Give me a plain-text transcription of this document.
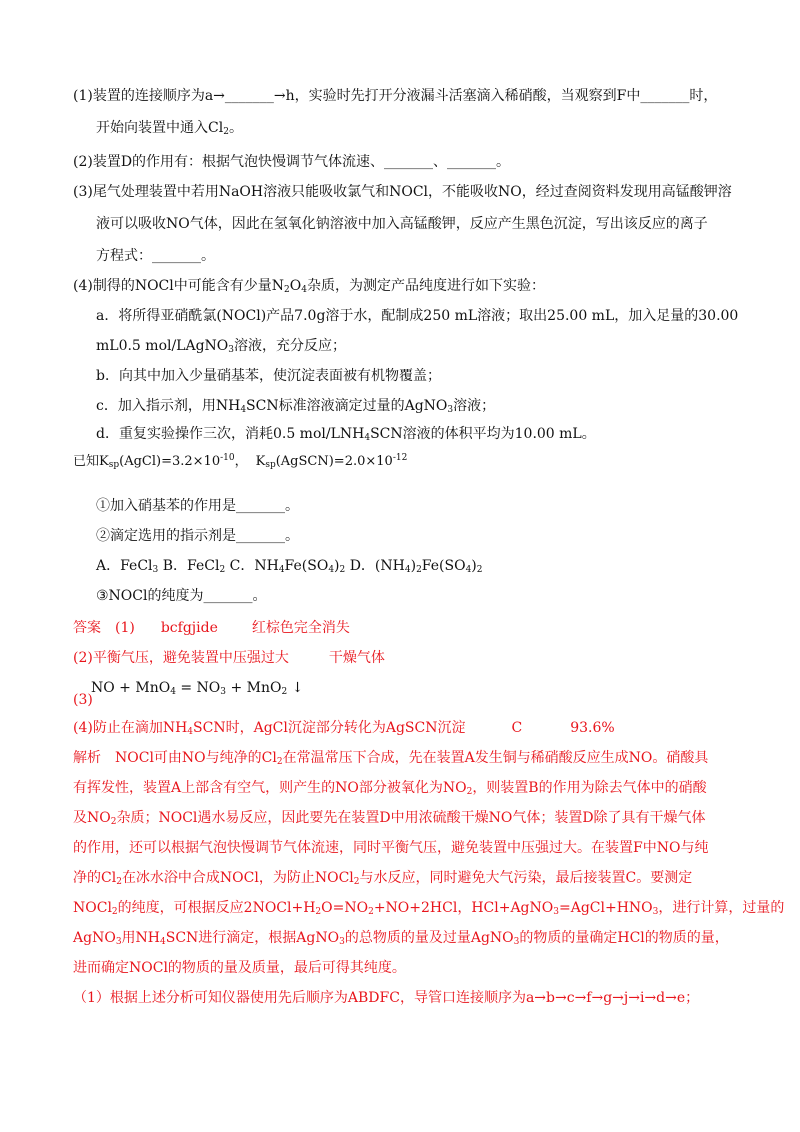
(1)装置的连接顺序为a→_______→h，实验时先打开分液漏斗活塞滴入稀硝酸，当观察到F中_______时，
开始向装置中通入$Cl_2$。
(2)装置D的作用有：根据气泡快慢调节气体流速、_______、_______。
(3)尾气处理装置中若用NaOH溶液只能吸收氯气和NOCl，不能吸收NO，经过查阅资料发现用高锰酸钾溶
液可以吸收NO气体，因此在氢氧化钠溶液中加入高锰酸钾，反应产生黑色沉淀，写出该反应的离子
方程式：_______。
(4)制得的NOCl中可能含有少量$N_2O_4$杂质，为测定产品纯度进行如下实验：
a．将所得亚硝酰氯(NOCl)产品7.0g溶于水，配制成250 mL溶液；取出25.00 mL，加入足量的30.00
mL0.5 mol/LAgNO$_3$溶液，充分反应；
b．向其中加入少量硝基苯，使沉淀表面被有机物覆盖；
c．加入指示剂，用$NH_4SCN$标准溶液滴定过量的AgNO$_3$溶液；
d．重复实验操作三次，消耗0.5 mol/$LNH_4SCN$溶液的体积平均为10.00 mL。
已知$K_{sp}(AgCl)=3.2\times 10^{-10}$， $K_{sp}(AgSCN)=2.0\times 10^{-12}$
①加入硝基苯的作用是_______。
②滴定选用的指示剂是_______。
A．FeCl$_3$ B．FeCl$_2$ C．$NH_4Fe(SO_4)_2$ D．$(NH_4)_2Fe(SO_4)_2$
③NOCl的纯度为_______。
答案 (1) bcfgjide 红棕色完全消失
(2)平衡气压，避免装置中压强过大	干燥气体
(3)
NO + $MnO_4 = NO_3 + MnO_2$ ↓
(4)防止在滴加$NH_4SCN$时，AgCl沉淀部分转化为AgSCN沉淀	C	93.6%
解析　NOCl可由NO与纯净的$Cl_2$在常温常压下合成，先在装置A发生铜与稀硝酸反应生成NO。硝酸具
有挥发性，装置A上部含有空气，则产生的NO部分被氧化为$NO_2$，则装置B的作用为除去气体中的硝酸
及$NO_2$杂质；NOCl遇水易反应，因此要先在装置D中用浓硫酸干燥NO气体；装置D除了具有干燥气体
的作用，还可以根据气泡快慢调节气体流速，同时平衡气压，避免装置中压强过大。在装置F中NO与纯
净的$Cl_2$在冰水浴中合成NOCl，为防止NOCl$_2$与水反应，同时避免大气污染，最后接装置C。要测定
NOCl$_2$的纯度，可根据反应$2NOCl+H_2O=NO_2+NO+2HCl$，$HCl+AgNO_3=AgCl+HNO_3$，进行计算，过量的
AgNO$_3$用$NH_4SCN$进行滴定，根据AgNO$_3$的总物质的量及过量AgNO$_3$的物质的量确定HCl的物质的量，
进而确定NOCl的物质的量及质量，最后可得其纯度。
（1）根据上述分析可知仪器使用先后顺序为ABDFC，导管口连接顺序为a→b→c→f→g→j→i→d→e；
